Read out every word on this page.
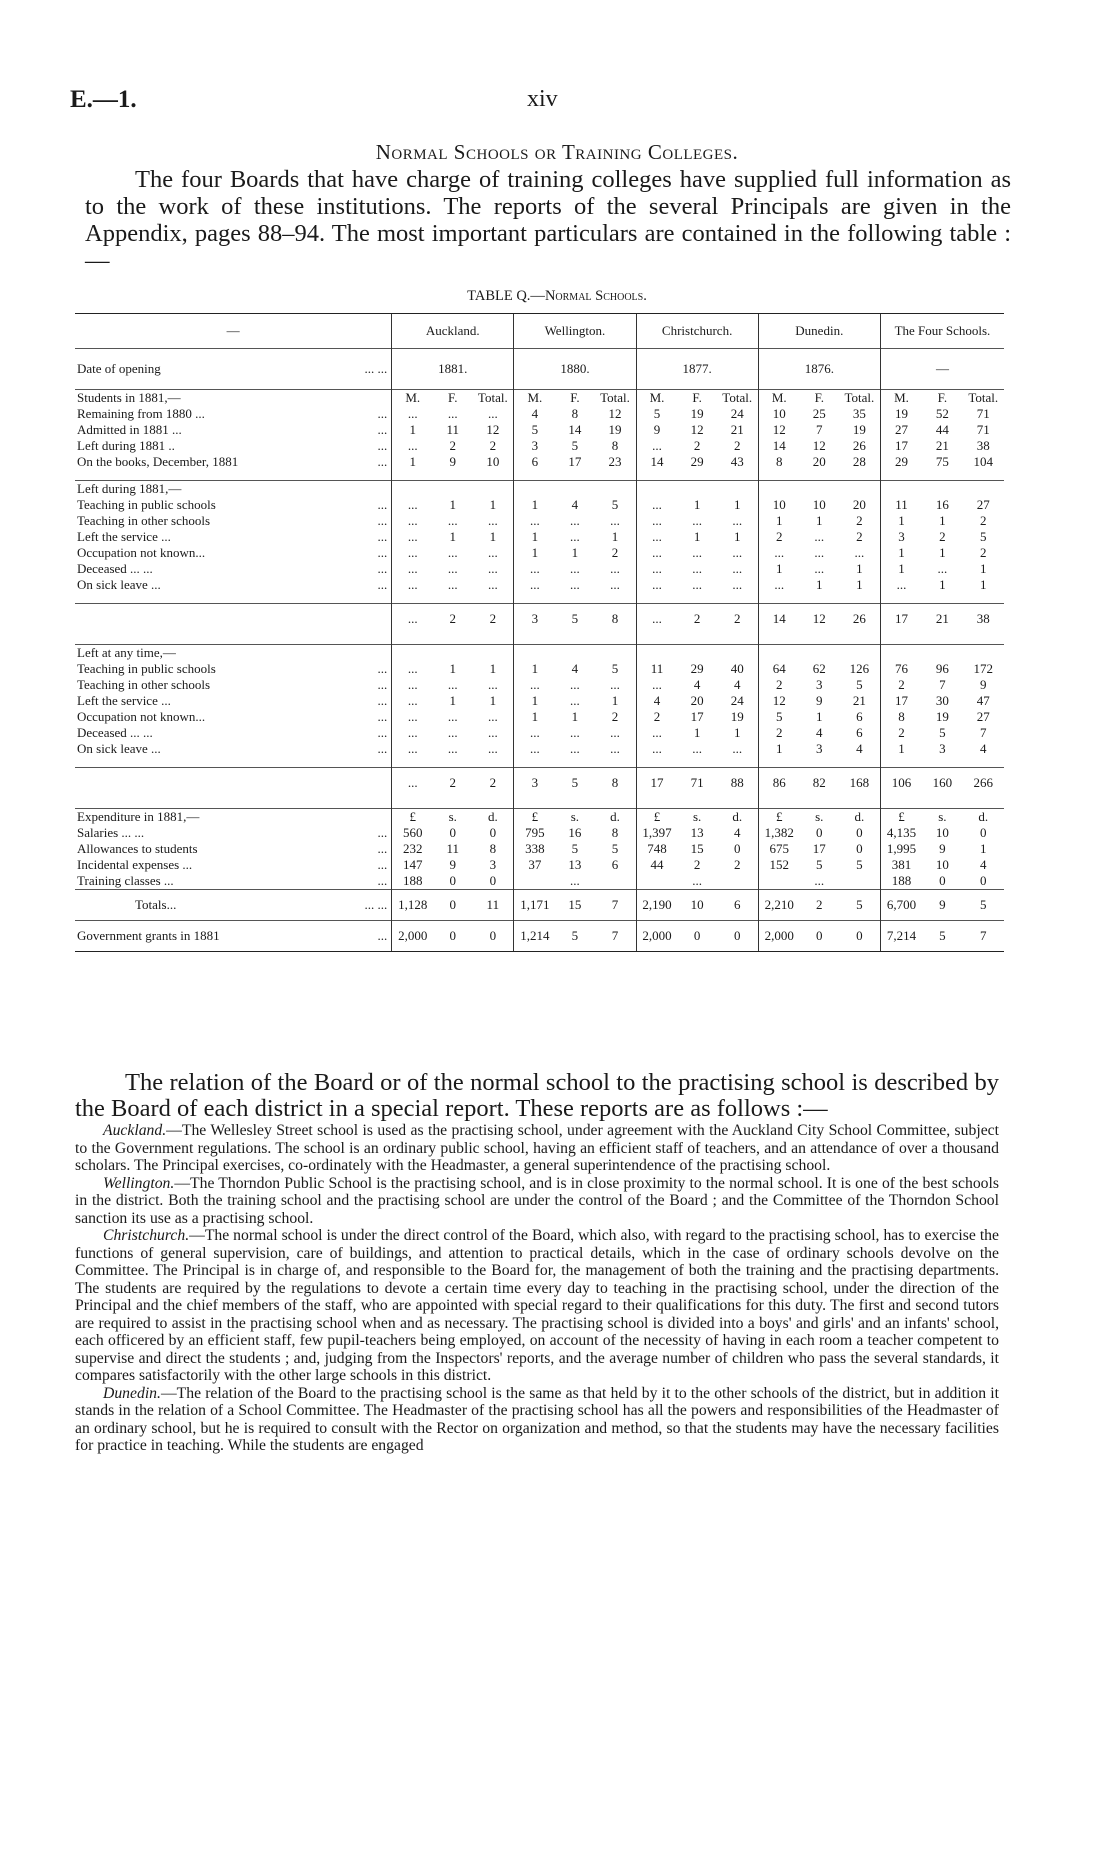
E.—1.	xiv
Normal Schools or Training Colleges.
The four Boards that have charge of training colleges have supplied full information as to the work of these institutions. The reports of the several Principals are given in the Appendix, pages 88–94. The most important particulars are contained in the following table :—
TABLE Q.—Normal Schools.
—		Auckland.			Wellington.			Christchurch.			Dunedin.			The Four Schools.		
Date of opening	... ...	1881.			1880.			1877.			1876.			—		
Students in 1881,—		M.	F.	Total.	M.	F.	Total.	M.	F.	Total.	M.	F.	Total.	M.	F.	Total.
Remaining from 1880 ...	...	...	...	...	4	8	12	5	19	24	10	25	35	19	52	71
Admitted in 1881 ...	...	1	11	12	5	14	19	9	12	21	12	7	19	27	44	71
Left during 1881 ..	...	...	2	2	3	5	8	...	2	2	14	12	26	17	21	38
On the books, December, 1881	...	1	9	10	6	17	23	14	29	43	8	20	28	29	75	104

Left during 1881,—																
Teaching in public schools	...	...	1	1	1	4	5	...	1	1	10	10	20	11	16	27
Teaching in other schools	...	...	...	...	...	...	...	...	...	...	1	1	2	1	1	2
Left the service ...	...	...	1	1	1	...	1	...	1	1	2	...	2	3	2	5
Occupation not known...	...	...	...	...	1	1	2	...	...	...	...	...	...	1	1	2
Deceased ... ...	...	...	...	...	...	...	...	...	...	...	1	...	1	1	...	1
On sick leave ...	...	...	...	...	...	...	...	...	...	...	...	1	1	...	1	1

		...	2	2	3	5	8	...	2	2	14	12	26	17	21	38

Left at any time,—																
Teaching in public schools	...	...	1	1	1	4	5	11	29	40	64	62	126	76	96	172
Teaching in other schools	...	...	...	...	...	...	...	...	4	4	2	3	5	2	7	9
Left the service ...	...	...	1	1	1	...	1	4	20	24	12	9	21	17	30	47
Occupation not known...	...	...	...	...	1	1	2	2	17	19	5	1	6	8	19	27
Deceased ... ...	...	...	...	...	...	...	...	...	1	1	2	4	6	2	5	7
On sick leave ...	...	...	...	...	...	...	...	...	...	...	1	3	4	1	3	4

		...	2	2	3	5	8	17	71	88	86	82	168	106	160	266

Expenditure in 1881,—		£	s.	d.	£	s.	d.	£	s.	d.	£	s.	d.	£	s.	d.
Salaries ... ...	...	560	0	0	795	16	8	1,397	13	4	1,382	0	0	4,135	10	0
Allowances to students	...	232	11	8	338	5	5	748	15	0	675	17	0	1,995	9	1
Incidental expenses ...	...	147	9	3	37	13	6	44	2	2	152	5	5	381	10	4
Training classes ...	...	188	0	0		...			...			...		188	0	0
Totals...	... ...	1,128	0	11	1,171	15	7	2,190	10	6	2,210	2	5	6,700	9	5
Government grants in 1881	...	2,000	0	0	1,214	5	7	2,000	0	0	2,000	0	0	7,214	5	7

The relation of the Board or of the normal school to the practising school is described by the Board of each district in a special report. These reports are as follows :—

Auckland.—The Wellesley Street school is used as the practising school, under agreement with the Auckland City School Committee, subject to the Government regulations. The school is an ordinary public school, having an efficient staff of teachers, and an attendance of over a thousand scholars. The Principal exercises, co-ordinately with the Headmaster, a general superintendence of the practising school.

Wellington.—The Thorndon Public School is the practising school, and is in close proximity to the normal school. It is one of the best schools in the district. Both the training school and the practising school are under the control of the Board ; and the Committee of the Thorndon School sanction its use as a practising school.

Christchurch.—The normal school is under the direct control of the Board, which also, with regard to the practising school, has to exercise the functions of general supervision, care of buildings, and attention to practical details, which in the case of ordinary schools devolve on the Committee. The Principal is in charge of, and responsible to the Board for, the management of both the training and the practising departments. The students are required by the regulations to devote a certain time every day to teaching in the practising school, under the direction of the Principal and the chief members of the staff, who are appointed with special regard to their qualifications for this duty. The first and second tutors are required to assist in the practising school when and as necessary. The practising school is divided into a boys' and girls' and an infants' school, each officered by an efficient staff, few pupil-teachers being employed, on account of the necessity of having in each room a teacher competent to supervise and direct the students ; and, judging from the Inspectors' reports, and the average number of children who pass the several standards, it compares satisfactorily with the other large schools in this district.

Dunedin.—The relation of the Board to the practising school is the same as that held by it to the other schools of the district, but in addition it stands in the relation of a School Committee. The Headmaster of the practising school has all the powers and responsibilities of the Headmaster of an ordinary school, but he is required to consult with the Rector on organization and method, so that the students may have the necessary facilities for practice in teaching. While the students are engaged
